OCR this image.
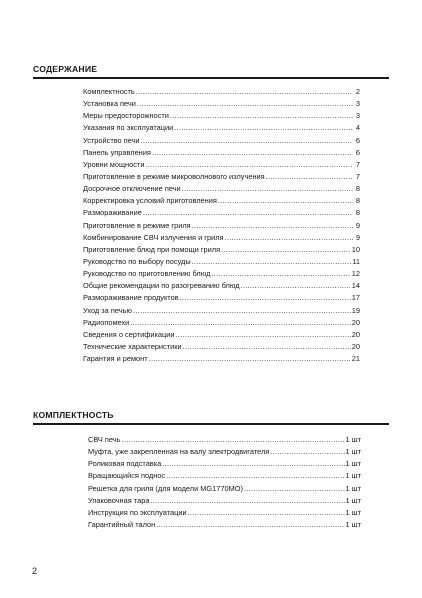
СОДЕРЖАНИЕ
Комплектность .....	2
Установка печи .....	3
Меры предосторожности .....	3
Указания по эксплуатации .....	4
Устройство печи .....	6
Панель управления .....	6
Уровни мощности .....	7
Приготовление в режиме микроволнового излучения .....	7
Досрочное отключение печи .....	8
Корректировка условий приготовления .....	8
Размораживание .....	8
Приготовление в режиме гриля .....	9
Комбинирование СВЧ излучения и гриля .....	9
Приготовление блюд при помощи гриля .....	10
Руководство по выбору посуды .....	11
Руководство по приготовлению блюд .....	12
Общие рекомендации по разогреванию блюд .....	14
Размораживание продуктов .....	17
Уход за печью .....	19
Радиопомехи .....	20
Сведения о сертификации .....	20
Технические характеристики .....	20
Гарантия и ремонт .....	21
КОМПЛЕКТНОСТЬ
СВЧ печь .....	1 шт
Муфта, уже закрепленная на валу электродвигателя .....	1 шт
Роликовая подставка .....	1 шт
Вращающийся поднос .....	1 шт
Решетка для гриля (для модели MG1770MO) .....	1 шт
Упаковочная тара .....	1 шт
Инструкция по эксплуатации .....	1 шт
Гарантийный талон .....	1 шт

2
